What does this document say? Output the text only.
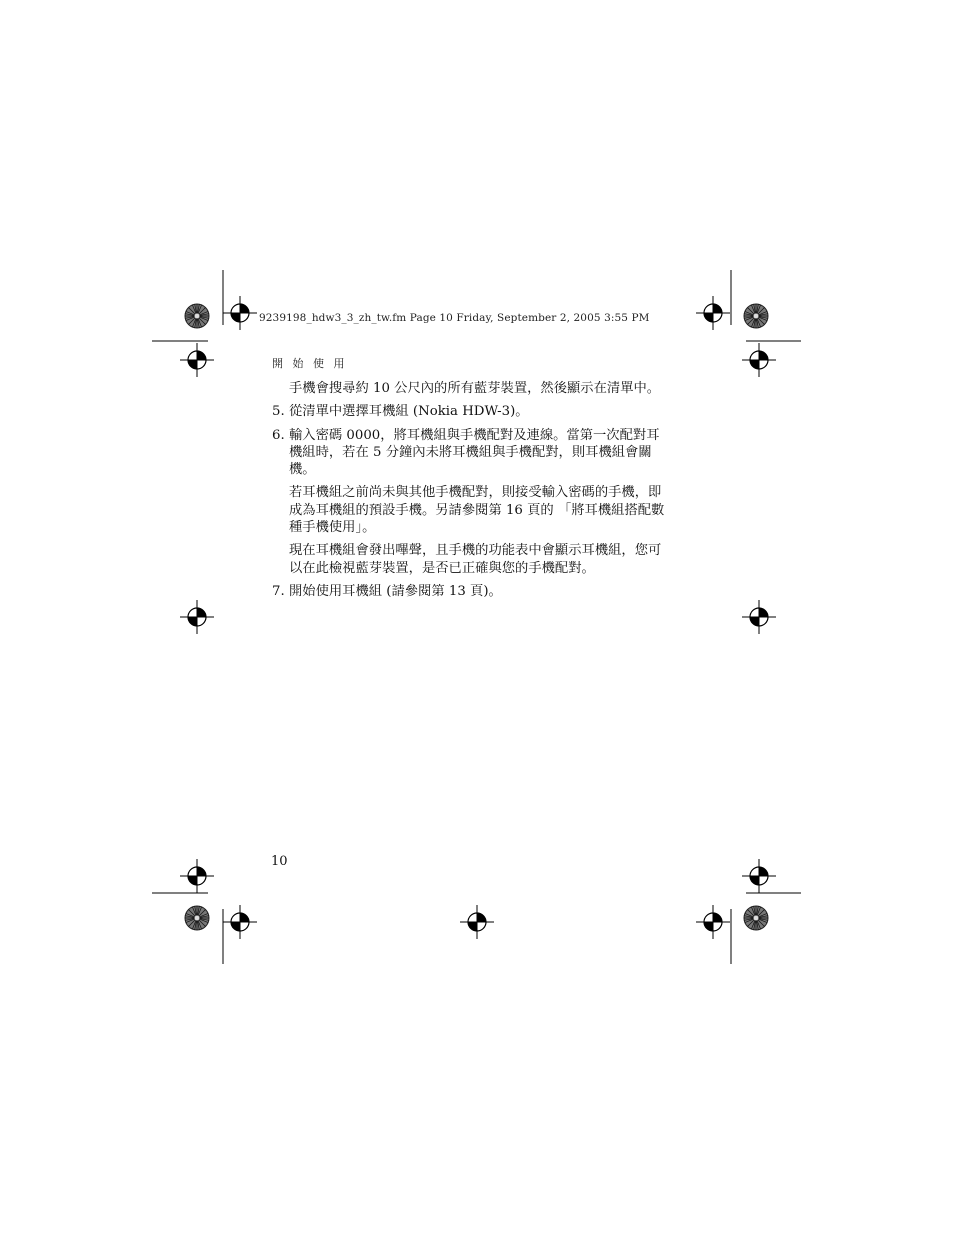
9239198_hdw3_3_zh_tw.fm Page 10 Friday, September 2, 2005 3:55 PM
開 始 使 用

手機會搜尋約 10 公尺內的所有藍芽裝置，然後顯示在清單中。

5. 從清單中選擇耳機組 (Nokia HDW-3)。
6. 輸入密碼 0000，將耳機組與手機配對及連線。當第一次配對耳機組時，若在 5 分鐘內未將耳機組與手機配對，則耳機組會關機。

若耳機組之前尚未與其他手機配對，則接受輸入密碼的手機，即成為耳機組的預設手機。另請參閱第 16 頁的 「將耳機組搭配數種手機使用」。

現在耳機組會發出嗶聲，且手機的功能表中會顯示耳機組，您可以在此檢視藍芽裝置，是否已正確與您的手機配對。

7. 開始使用耳機組 (請參閱第 13 頁)。
10
